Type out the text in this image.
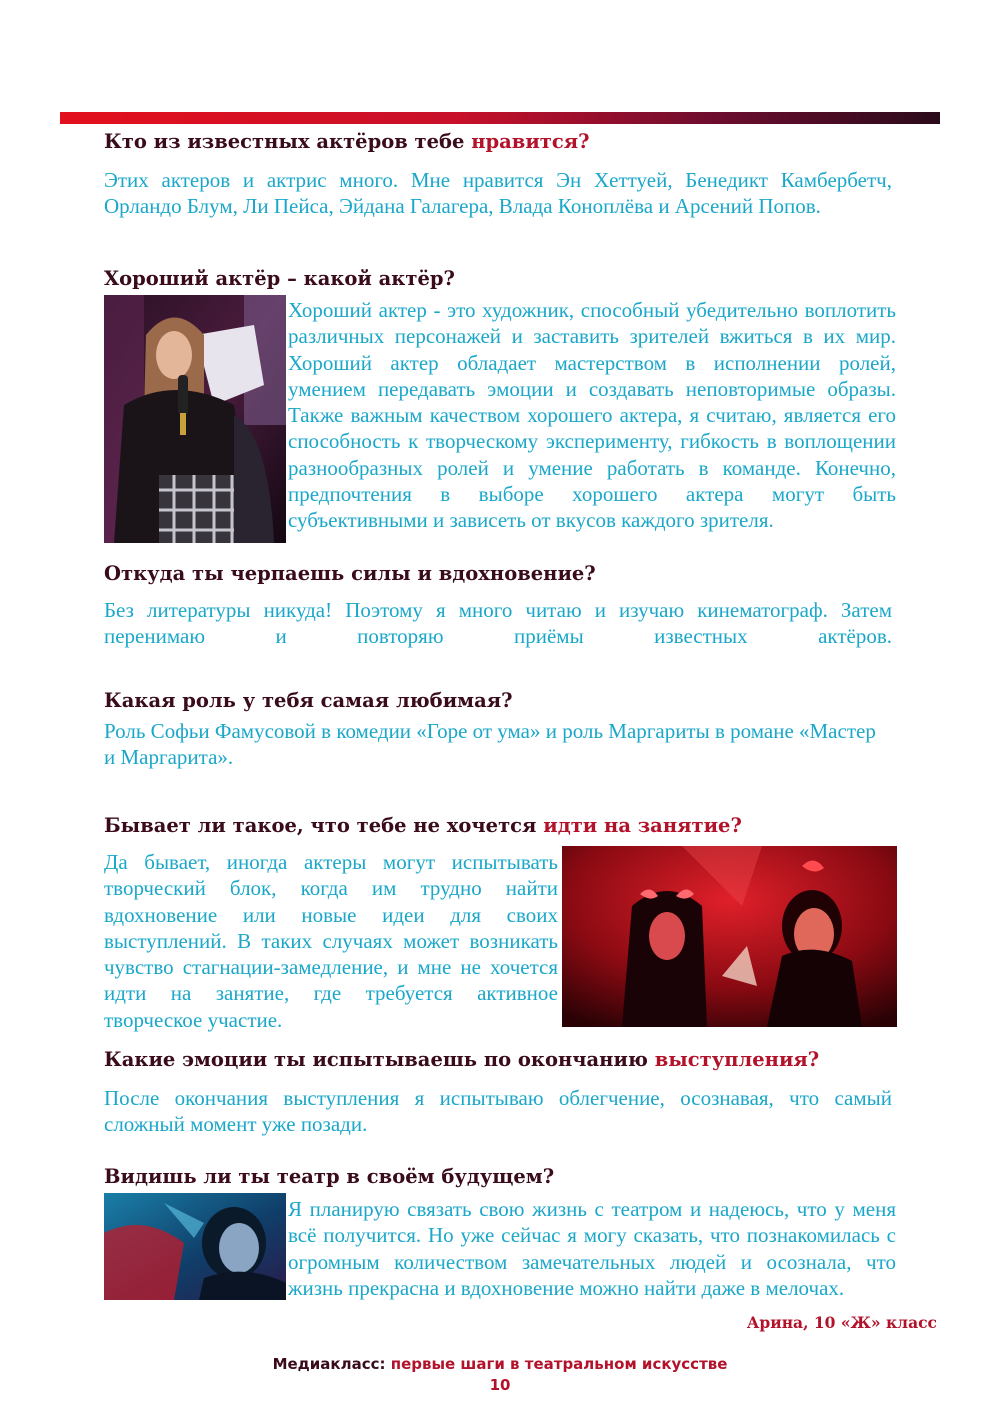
Кто из известных актёров тебе нравится?

Этих актеров и актрис много. Мне нравится Эн Хеттуей, Бенедикт Камбербетч, Орландо Блум, Ли Пейса, Эйдана Галагера, Влада Коноплёва и Арсений Попов.

Хороший актёр – какой актёр?

Хороший актер - это художник, способный убедительно воплотить различных персонажей и заставить зрителей вжиться в их мир. Хороший актер обладает мастерством в исполнении ролей, умением передавать эмоции и создавать неповторимые образы. Также важным качеством хорошего актера, я считаю, является его способность к творческому эксперименту, гибкость в воплощении разнообразных ролей и умение работать в команде. Конечно, предпочтения в выборе хорошего актера могут быть субъективными и зависеть от вкусов каждого зрителя.

Откуда ты черпаешь силы и вдохновение?

Без литературы никуда! Поэтому я много читаю и изучаю кинематограф. Затем перенимаю и повторяю приёмы известных актёров.

Какая роль у тебя самая любимая?

Роль Софьи Фамусовой в комедии «Горе от ума» и роль Маргариты в романе «Мастер и Маргарита».

Бывает ли такое, что тебе не хочется идти на занятие?

Да бывает, иногда актеры могут испытывать творческий блок, когда им трудно найти вдохновение или новые идеи для своих выступлений. В таких случаях может возникать чувство стагнации-замедление, и мне не хочется идти на занятие, где требуется активное творческое участие.

Какие эмоции ты испытываешь по окончанию выступления?

После окончания выступления я испытываю облегчение, осознавая, что самый сложный момент уже позади.

Видишь ли ты театр в своём будущем?

Я планирую связать свою жизнь с театром и надеюсь, что у меня всё получится. Но уже сейчас я могу сказать, что познакомилась с огромным количеством замечательных людей и осознала, что жизнь прекрасна и вдохновение можно найти даже в мелочах.

Арина, 10 «Ж» класс

Медиакласс: первые шаги в театральном искусстве

10
